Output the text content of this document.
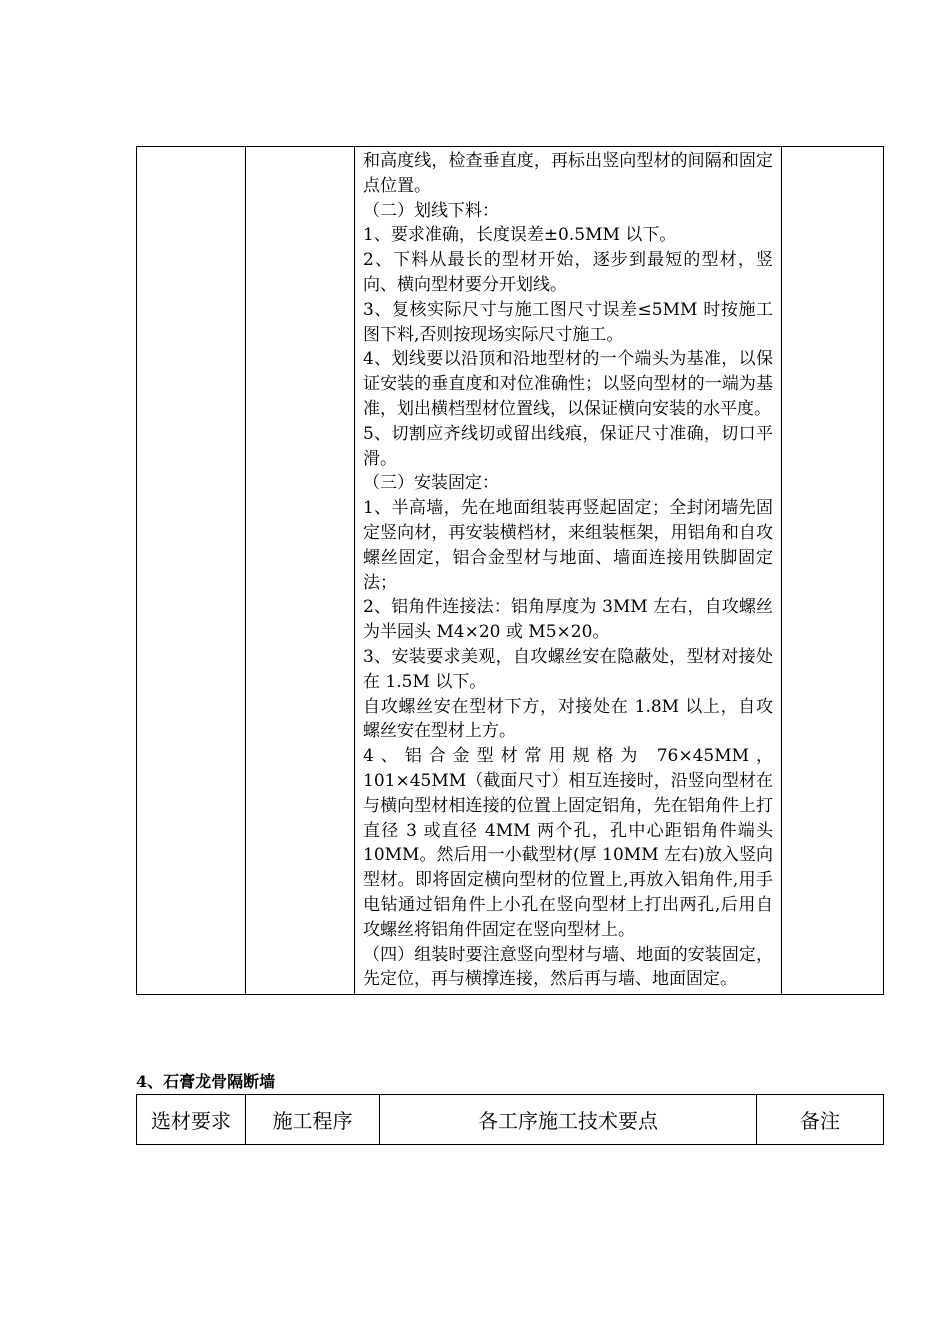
和高度线，检查垂直度，再标出竖向型材的间隔和固定点位置。

（二）划线下料：

1、要求准确，长度误差±0.5MM 以下。

2、下料从最长的型材开始，逐步到最短的型材，竖向、横向型材要分开划线。

3、复核实际尺寸与施工图尺寸误差≤5MM 时按施工图下料,否则按现场实际尺寸施工。

4、划线要以沿顶和沿地型材的一个端头为基准，以保证安装的垂直度和对位准确性；以竖向型材的一端为基准，划出横档型材位置线，以保证横向安装的水平度。

5、切割应齐线切或留出线痕，保证尺寸准确，切口平滑。

（三）安装固定：

1、半高墙，先在地面组装再竖起固定；全封闭墙先固定竖向材，再安装横档材，来组装框架，用铝角和自攻螺丝固定，铝合金型材与地面、墙面连接用铁脚固定法；

2、铝角件连接法：铝角厚度为 3MM 左右，自攻螺丝为半园头 M4×20 或 M5×20。

3、安装要求美观，自攻螺丝安在隐蔽处，型材对接处在 1.5M 以下。

自攻螺丝安在型材下方，对接处在 1.8M 以上，自攻螺丝安在型材上方。

4、铝合金型材常用规格为 76×45MM，101×45MM（截面尺寸）相互连接时，沿竖向型材在与横向型材相连接的位置上固定铝角，先在铝角件上打直径 3 或直径 4MM 两个孔，孔中心距铝角件端头 10MM。然后用一小截型材(厚 10MM 左右)放入竖向型材。即将固定横向型材的位置上,再放入铝角件,用手电钻通过铝角件上小孔在竖向型材上打出两孔,后用自攻螺丝将铝角件固定在竖向型材上。

（四）组装时要注意竖向型材与墙、地面的安装固定，先定位，再与横撑连接，然后再与墙、地面固定。

4、石膏龙骨隔断墙
选材要求	施工程序	各工序施工技术要点	备注
